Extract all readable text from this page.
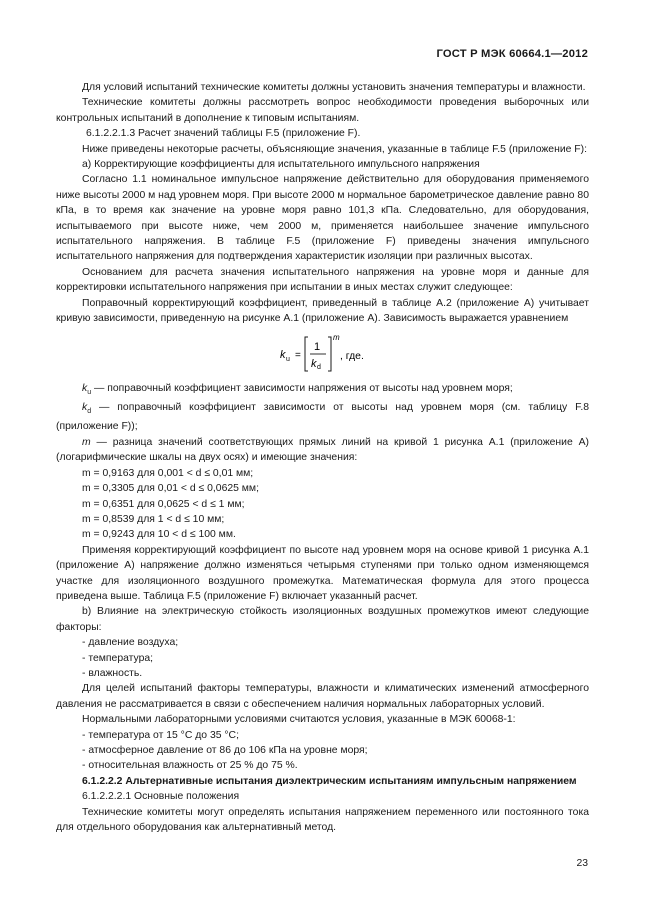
ГОСТ Р МЭК 60664.1—2012

Для условий испытаний технические комитеты должны установить значения температуры и влажности.

Технические комитеты должны рассмотреть вопрос необходимости проведения выборочных или контрольных испытаний в дополнение к типовым испытаниям.

6.1.2.2.1.3 Расчет значений таблицы F.5 (приложение F).

Ниже приведены некоторые расчеты, объясняющие значения, указанные в таблице F.5 (приложение F):

а) Корректирующие коэффициенты для испытательного импульсного напряжения

Согласно 1.1 номинальное импульсное напряжение действительно для оборудования применяемого ниже высоты 2000 м над уровнем моря. При высоте 2000 м нормальное барометрическое давление равно 80 кПа, в то время как значение на уровне моря равно 101,3 кПа. Следовательно, для оборудования, испытываемого при высоте ниже, чем 2000 м, применяется наибольшее значение импульсного испытательного напряжения. В таблице F.5 (приложение F) приведены значения импульсного испытательного напряжения для подтверждения характеристик изоляции при различных высотах.

Основанием для расчета значения испытательного напряжения на уровне моря и данные для корректировки испытательного напряжения при испытании в иных местах служит следующее:

Поправочный корректирующий коэффициент, приведенный в таблице А.2 (приложение А) учитывает кривую зависимости, приведенную на рисунке А.1 (приложение А). Зависимость выражается уравнением

k u =
1
k d
m
, где.

$k_u$ — поправочный коэффициент зависимости напряжения от высоты над уровнем моря;

$k_d$ — поправочный коэффициент зависимости от высоты над уровнем моря (см. таблицу F.8 (приложение F));

m — разница значений соответствующих прямых линий на кривой 1 рисунка А.1 (приложение А) (логарифмические шкалы на двух осях) и имеющие значения:

m = 0,9163 для 0,001 < d ≤ 0,01 мм;

m = 0,3305 для 0,01 < d ≤ 0,0625 мм;

m = 0,6351 для 0,0625 < d ≤ 1 мм;

m = 0,8539 для 1 < d ≤ 10 мм;

m = 0,9243 для 10 < d ≤ 100 мм.

Применяя корректирующий коэффициент по высоте над уровнем моря на основе кривой 1 рисунка А.1 (приложение А) напряжение должно изменяться четырьмя ступенями при только одном изменяющемся участке для изоляционного воздушного промежутка. Математическая формула для этого процесса приведена выше. Таблица F.5 (приложение F) включает указанный расчет.

b) Влияние на электрическую стойкость изоляционных воздушных промежутков имеют следующие факторы:

- давление воздуха;

- температура;

- влажность.

Для целей испытаний факторы температуры, влажности и климатических изменений атмосферного давления не рассматривается в связи с обеспечением наличия нормальных лабораторных условий.

Нормальными лабораторными условиями считаются условия, указанные в МЭК 60068-1:

- температура от 15 °С до 35 °С;

- атмосферное давление от 86 до 106 кПа на уровне моря;

- относительная влажность от 25 % до 75 %.

6.1.2.2.2 Альтернативные испытания диэлектрическим испытаниям импульсным напряжением

6.1.2.2.2.1 Основные положения

Технические комитеты могут определять испытания напряжением переменного или постоянного тока для отдельного оборудования как альтернативный метод.

23
